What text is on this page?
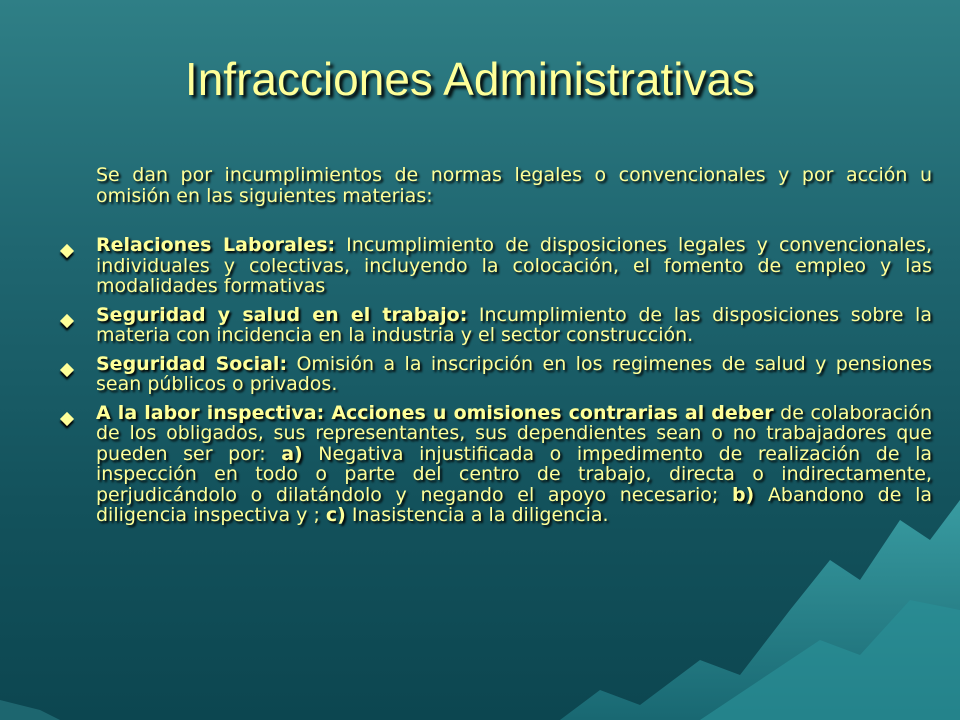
Infracciones Administrativas

Se dan por incumplimientos de normas legales o convencionales y por acción u omisión en las siguientes materias:

Relaciones Laborales: Incumplimiento de disposiciones legales y convencionales, individuales y colectivas, incluyendo la colocación, el fomento de empleo y las modalidades formativas
Seguridad y salud en el trabajo: Incumplimiento de las disposiciones sobre la materia con incidencia en la industria y el sector construcción.
Seguridad Social: Omisión a la inscripción en los regimenes de salud y pensiones sean públicos o privados.
A la labor inspectiva: Acciones u omisiones contrarias al deber de colaboración de los obligados, sus representantes, sus dependientes sean o no trabajadores que pueden ser por: a) Negativa injustificada o impedimento de realización de la inspección en todo o parte del centro de trabajo, directa o indirectamente, perjudicándolo o dilatándolo y negando el apoyo necesario; b) Abandono de la diligencia inspectiva y ; c) Inasistencia a la diligencia.
